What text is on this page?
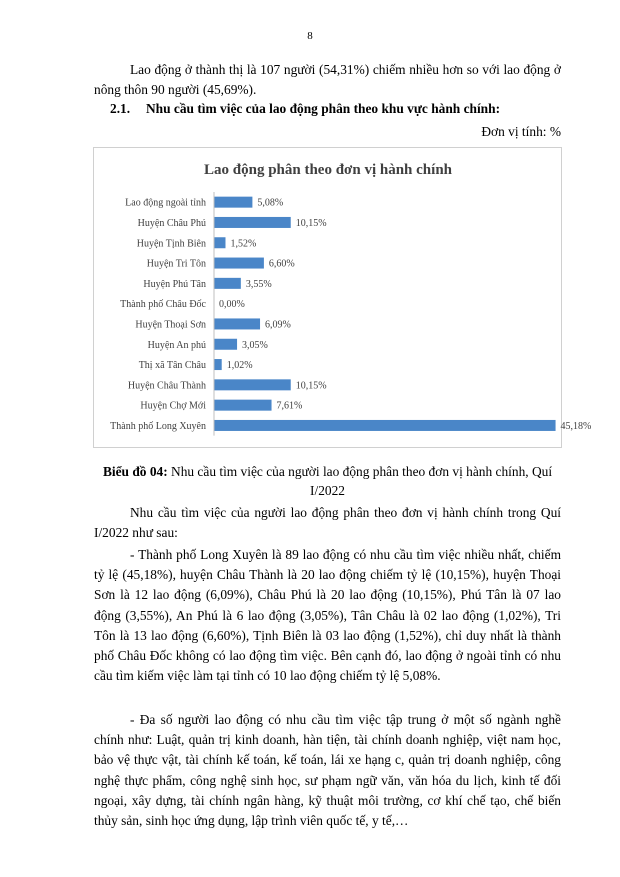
8

Lao động ở thành thị là 107 người (54,31%) chiếm nhiều hơn so với lao động ở nông thôn 90 người (45,69%).

2.1. Nhu cầu tìm việc của lao động phân theo khu vực hành chính:

Đơn vị tính: %
Lao động phân theo đơn vị hành chính
Lao động ngoài tỉnh	5,08%
Huyện Châu Phú	10,15%
Huyện Tịnh Biên 1,52%
Huyện Tri Tôn	6,60%
Huyện Phú Tân	3,55%
Thành phố Châu Đốc 0,00%
Huyện Thoại Sơn	6,09%
Huyện An phú	3,05%
Thị xã Tân Châu 1,02%
Huyện Châu Thành	10,15%
Huyện Chợ Mới	7,61%
Thành phố Long Xuyên	45,18%

Biểu đồ 04: Nhu cầu tìm việc của người lao động phân theo đơn vị hành chính, Quí I/2022

Nhu cầu tìm việc của người lao động phân theo đơn vị hành chính trong Quí I/2022 như sau:

- Thành phố Long Xuyên là 89 lao động có nhu cầu tìm việc nhiều nhất, chiếm tỷ lệ (45,18%), huyện Châu Thành là 20 lao động chiếm tỷ lệ (10,15%), huyện Thoại Sơn là 12 lao động (6,09%), Châu Phú là 20 lao động (10,15%), Phú Tân là 07 lao động (3,55%), An Phú là 6 lao động (3,05%), Tân Châu là 02 lao động (1,02%), Tri Tôn là 13 lao động (6,60%), Tịnh Biên là 03 lao động (1,52%), chỉ duy nhất là thành phố Châu Đốc không có lao động tìm việc. Bên cạnh đó, lao động ở ngoài tỉnh có nhu cầu tìm kiếm việc làm tại tỉnh có 10 lao động chiếm tỷ lệ 5,08%.

- Đa số người lao động có nhu cầu tìm việc tập trung ở một số ngành nghề chính như: Luật, quản trị kinh doanh, hàn tiện, tài chính doanh nghiệp, việt nam học, bảo vệ thực vật, tài chính kế toán, kế toán, lái xe hạng c, quản trị doanh nghiệp, công nghệ thực phẩm, công nghệ sinh học, sư phạm ngữ văn, văn hóa du lịch, kinh tế đối ngoại, xây dựng, tài chính ngân hàng, kỹ thuật môi trường, cơ khí chế tạo, chế biến thủy sản, sinh học ứng dụng, lập trình viên quốc tế, y tế,…
